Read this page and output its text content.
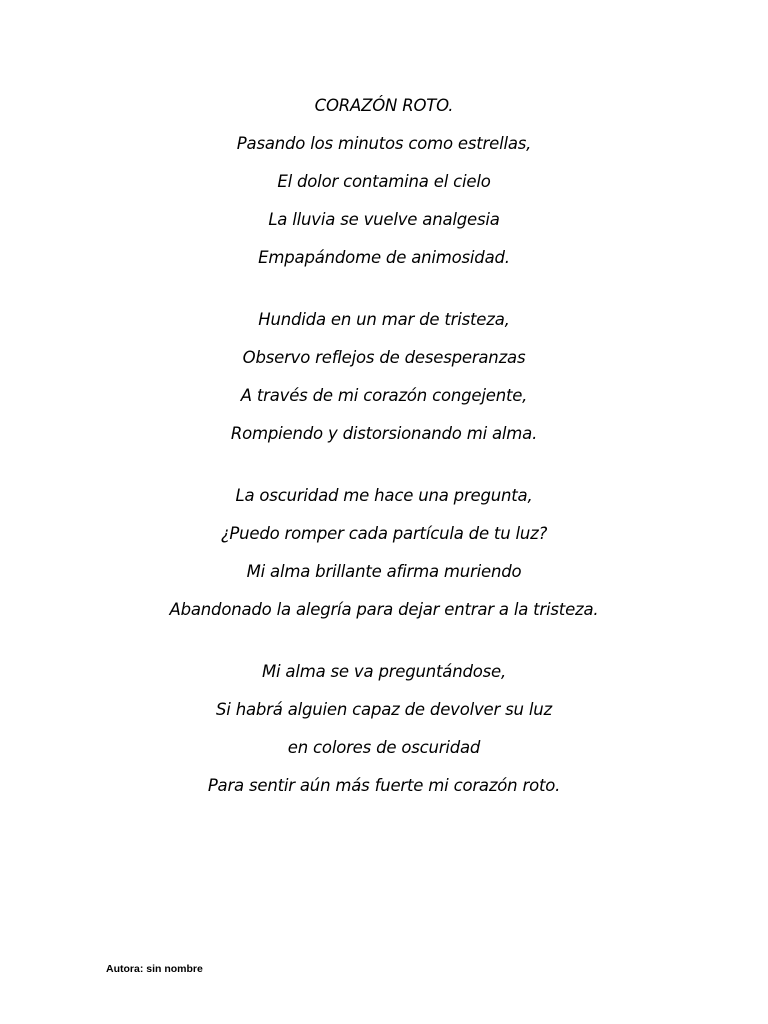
CORAZÓN ROTO.
Pasando los minutos como estrellas,
El dolor contamina el cielo
La lluvia se vuelve analgesia
Empapándome de animosidad.
Hundida en un mar de tristeza,
Observo reflejos de desesperanzas
A través de mi corazón congejente,
Rompiendo y distorsionando mi alma.
La oscuridad me hace una pregunta,
¿Puedo romper cada partícula de tu luz?
Mi alma brillante afirma muriendo
Abandonado la alegría para dejar entrar a la tristeza.
Mi alma se va preguntándose,
Si habrá alguien capaz de devolver su luz
en colores de oscuridad
Para sentir aún más fuerte mi corazón roto.
Autora: sin nombre
